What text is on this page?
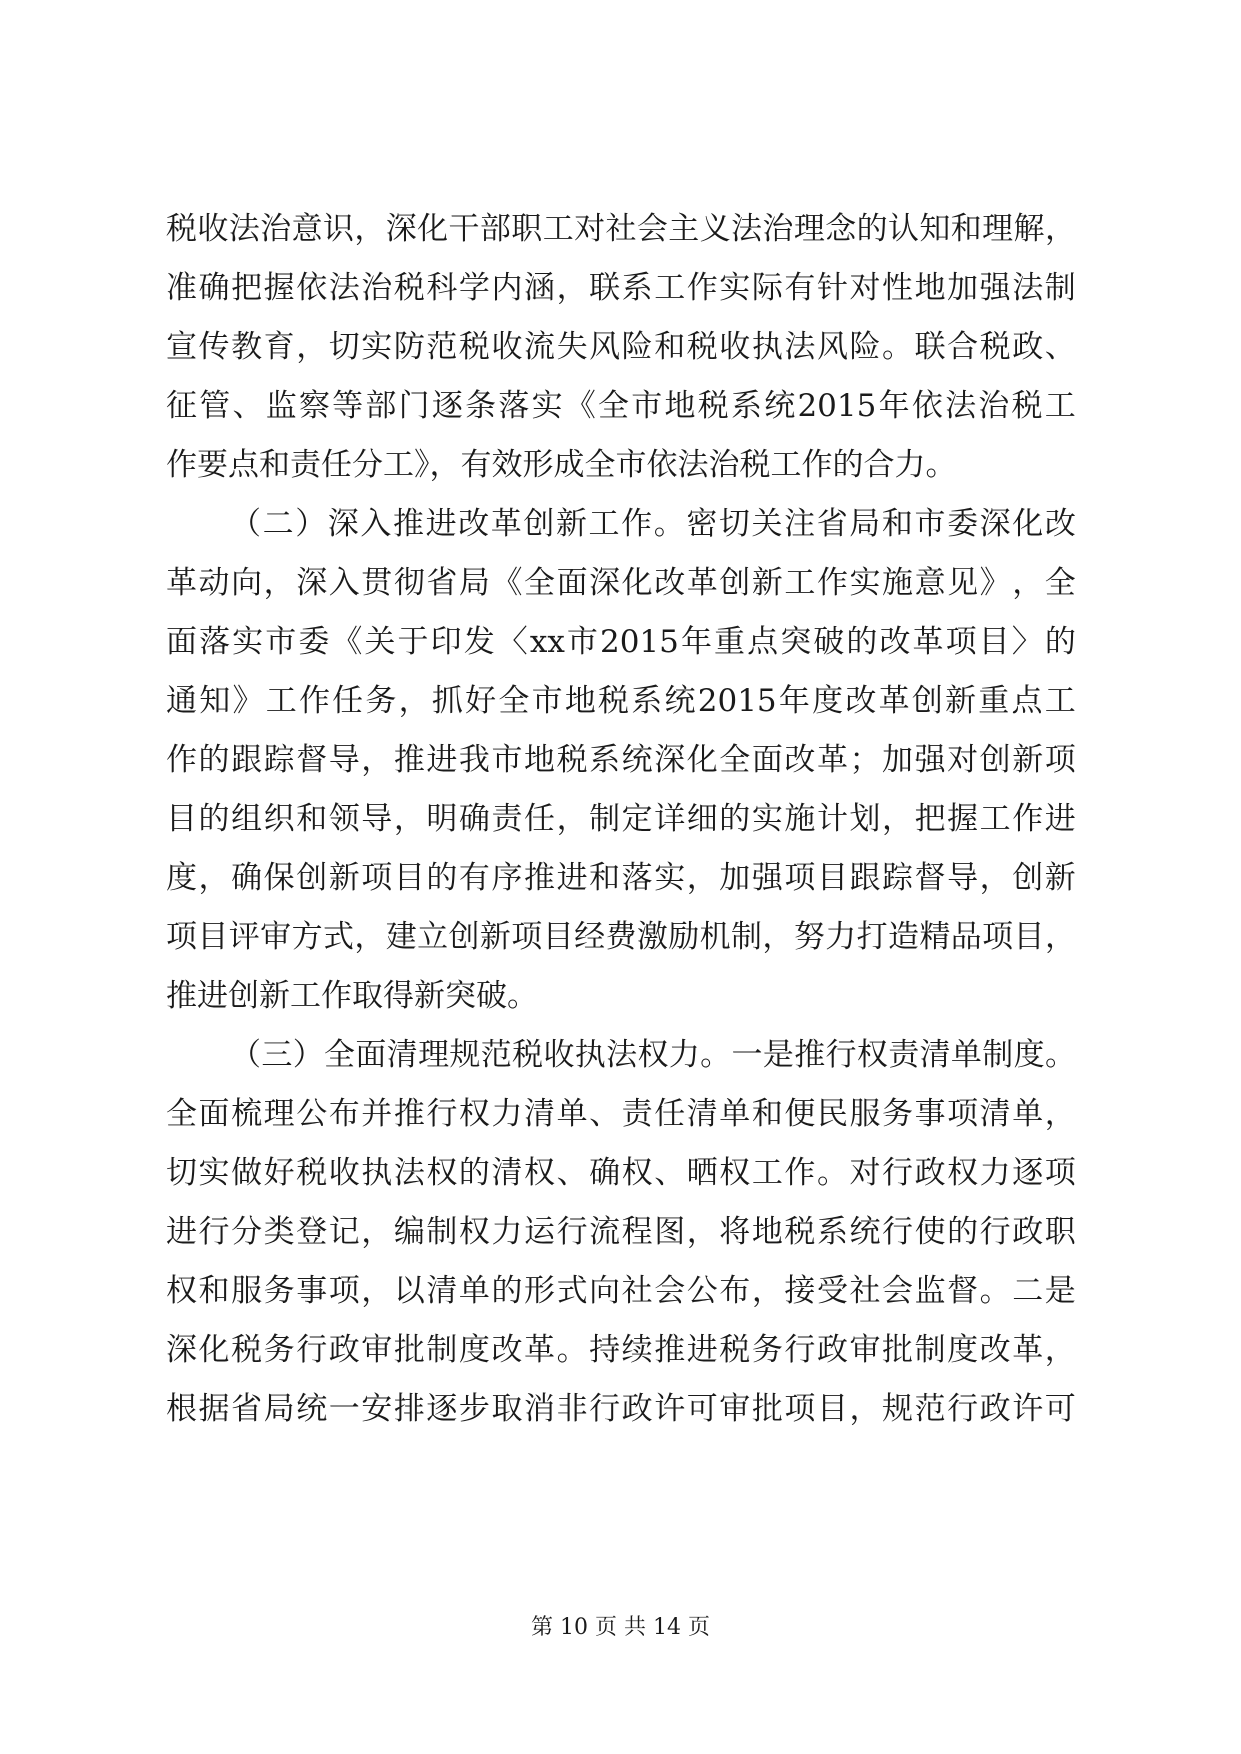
税 收 法 治 意 识 ， 深 化 干 部 职 工 对 社 会 主 义 法 治 理 念 的 认 知 和 理 解 ，
准 确 把 握 依 法 治 税 科 学 内 涵 ， 联 系 工 作 实 际 有 针 对 性 地 加 强 法 制
宣 传 教 育 ， 切 实 防 范 税 收 流 失 风 险 和 税 收 执 法 风 险 。 联 合 税 政 、
征 管 、 监 察 等 部 门 逐 条 落 实 《 全 市 地 税 系 统 2015 年 依 法 治 税 工
作要点和责任分工》，有效形成全市依法治税工作的合力。
（ 二 ） 深 入 推 进 改 革 创 新 工 作 。 密 切 关 注 省 局 和 市 委 深 化 改
革 动 向 ， 深 入 贯 彻 省 局 《 全 面 深 化 改 革 创 新 工 作 实 施 意 见 》 ， 全
面 落 实 市 委 《 关 于 印 发 〈 xx 市 2015 年 重 点 突 破 的 改 革 项 目 〉 的
通 知 》 工 作 任 务 ， 抓 好 全 市 地 税 系 统 2015 年 度 改 革 创 新 重 点 工
作 的 跟 踪 督 导 ， 推 进 我 市 地 税 系 统 深 化 全 面 改 革 ； 加 强 对 创 新 项
目 的 组 织 和 领 导 ， 明 确 责 任 ， 制 定 详 细 的 实 施 计 划 ， 把 握 工 作 进
度 ， 确 保 创 新 项 目 的 有 序 推 进 和 落 实 ， 加 强 项 目 跟 踪 督 导 ， 创 新
项 目 评 审 方 式 ， 建 立 创 新 项 目 经 费 激 励 机 制 ， 努 力 打 造 精 品 项 目 ，
推进创新工作取得新突破。
（ 三 ） 全 面 清 理 规 范 税 收 执 法 权 力 。 一 是 推 行 权 责 清 单 制 度 。
全 面 梳 理 公 布 并 推 行 权 力 清 单 、 责 任 清 单 和 便 民 服 务 事 项 清 单 ，
切 实 做 好 税 收 执 法 权 的 清 权 、 确 权 、 晒 权 工 作 。 对 行 政 权 力 逐 项
进 行 分 类 登 记 ， 编 制 权 力 运 行 流 程 图 ， 将 地 税 系 统 行 使 的 行 政 职
权 和 服 务 事 项 ， 以 清 单 的 形 式 向 社 会 公 布 ， 接 受 社 会 监 督 。 二 是
深 化 税 务 行 政 审 批 制 度 改 革 。 持 续 推 进 税 务 行 政 审 批 制 度 改 革 ，
根 据 省 局 统 一 安 排 逐 步 取 消 非 行 政 许 可 审 批 项 目 ， 规 范 行 政 许 可
第 10 页 共 14 页
